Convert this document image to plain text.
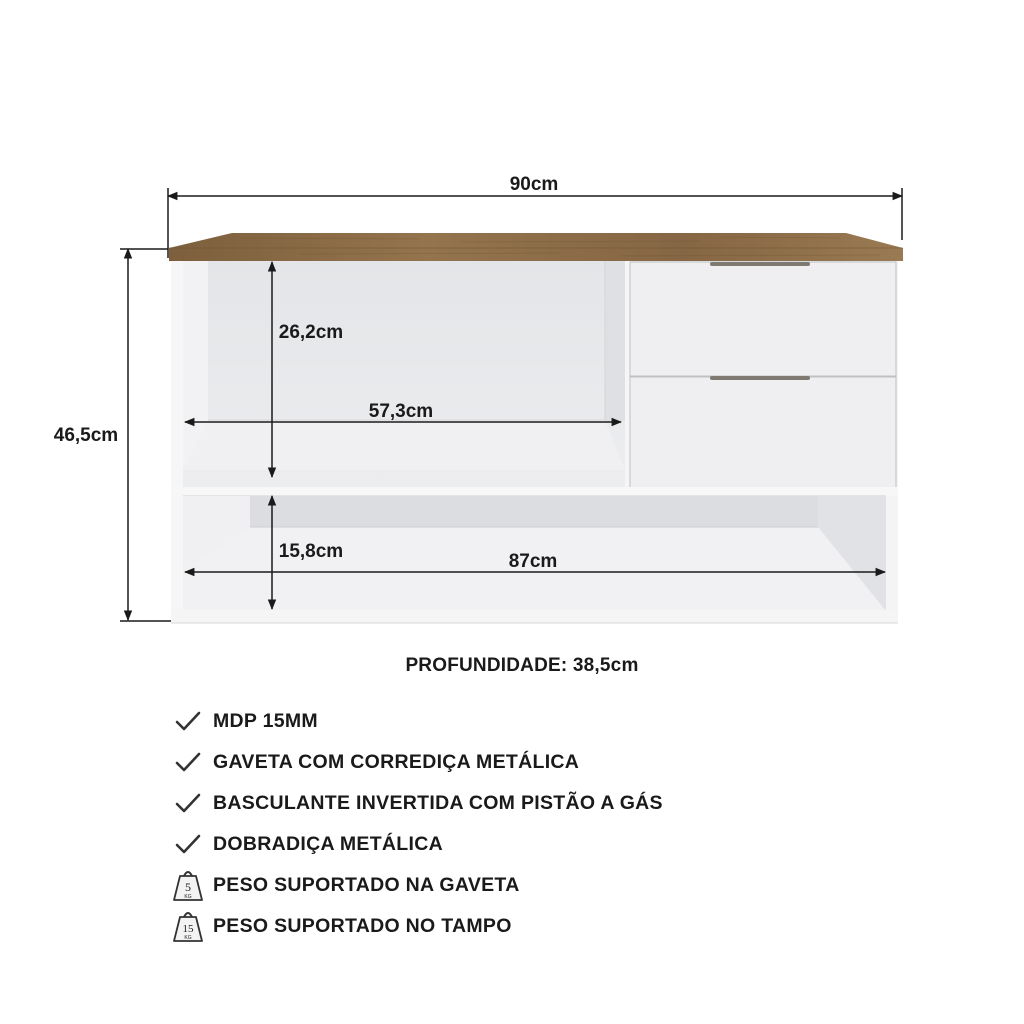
90cm
46,5cm
26,2cm
57,3cm
15,8cm	87cm
PROFUNDIDADE: 38,5cm
MDP 15MM
GAVETA COM CORREDIÇA METÁLICA
BASCULANTE INVERTIDA COM PISTÃO A GÁS
DOBRADIÇA METÁLICA
5
KG
PESO SUPORTADO NA GAVETA
15
KG
PESO SUPORTADO NO TAMPO
